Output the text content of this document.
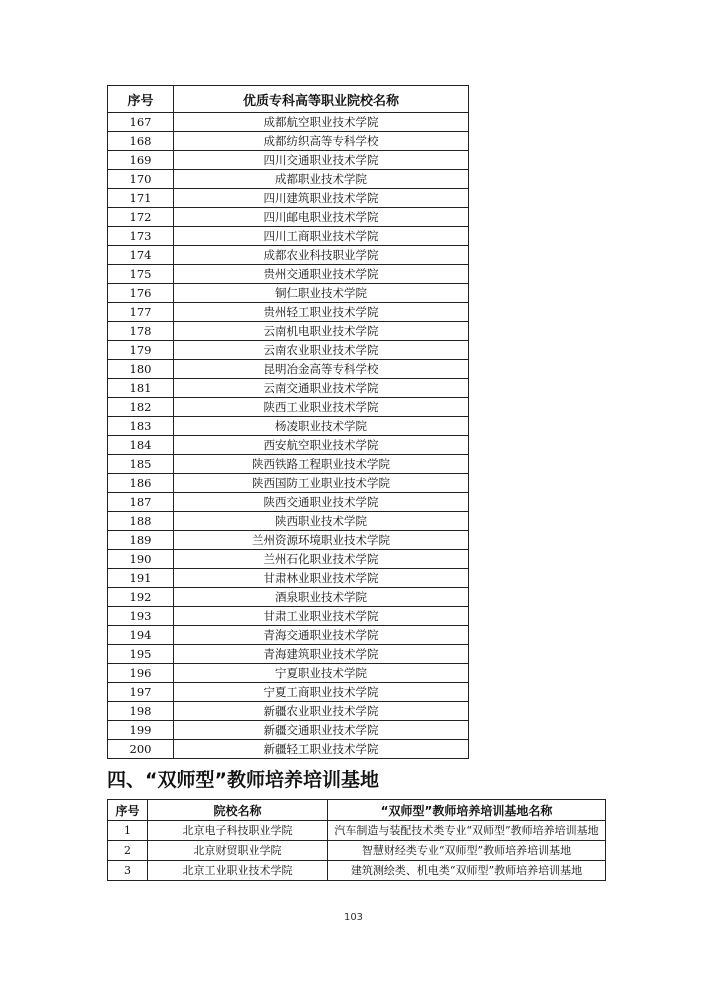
序号	优质专科高等职业院校名称
167	成都航空职业技术学院
168	成都纺织高等专科学校
169	四川交通职业技术学院
170	成都职业技术学院
171	四川建筑职业技术学院
172	四川邮电职业技术学院
173	四川工商职业技术学院
174	成都农业科技职业学院
175	贵州交通职业技术学院
176	铜仁职业技术学院
177	贵州轻工职业技术学院
178	云南机电职业技术学院
179	云南农业职业技术学院
180	昆明冶金高等专科学校
181	云南交通职业技术学院
182	陕西工业职业技术学院
183	杨凌职业技术学院
184	西安航空职业技术学院
185	陕西铁路工程职业技术学院
186	陕西国防工业职业技术学院
187	陕西交通职业技术学院
188	陕西职业技术学院
189	兰州资源环境职业技术学院
190	兰州石化职业技术学院
191	甘肃林业职业技术学院
192	酒泉职业技术学院
193	甘肃工业职业技术学院
194	青海交通职业技术学院
195	青海建筑职业技术学院
196	宁夏职业技术学院
197	宁夏工商职业技术学院
198	新疆农业职业技术学院
199	新疆交通职业技术学院
200	新疆轻工职业技术学院
四、“双师型”教师培养培训基地
序号	院校名称	“双师型”教师培养培训基地名称
1	北京电子科技职业学院	汽车制造与装配技术类专业“双师型”教师培养培训基地
2	北京财贸职业学院	智慧财经类专业“双师型”教师培养培训基地
3	北京工业职业技术学院	建筑测绘类、机电类“双师型”教师培养培训基地
103
